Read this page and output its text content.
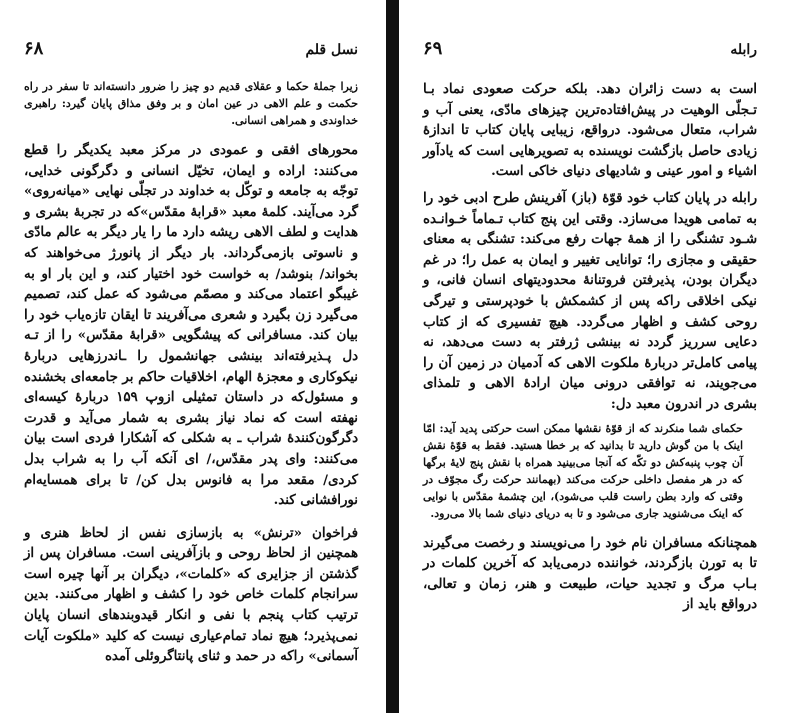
نسل قلم
۶۸

زیرا جملهٔ حکما و عقلای قدیم دو چیز را ضرور دانسته‌اند تا سفر در راه حکمت و علم الاهی در عین امان و بر وفق مذاق پایان گیرد: راهبری خداوندی و همراهی انسانی.

محورهای افقی و عمودی در مرکز معبد یکدیگر را قطع می‌کنند: اراده و ایمان، تخیّل انسانی و دگرگونی خدایی، توجّه به جامعه و توکّل به خداوند در تجلّی نهایی «میانه‌روی» گرد می‌آیند. کلمهٔ معبد «قرابهٔ مقدّس»که در تجربهٔ بشری و هدایت و لطف الاهی ریشه دارد ما را یار دیگر به عالم مادّی و ناسوتی بازمی‌گرداند. بار دیگر از پانورژ می‌خواهند که بخواند/ بنوشد/ به خواست خود اختیار کند، و این بار او به غیبگو اعتماد می‌کند و مصمّم می‌شود که عمل کند، تصمیم می‌گیرد زن بگیرد و شعری می‌آفریند تا ایقان تازه‌یاب خود را بیان کند. مسافرانی که پیشگویی «قرابهٔ مقدّس» را از تـه دل پـذیرفته‌اند بینشی جهانشمول را ـاندرزهایی دربارهٔ نیکوکاری و معجزهٔ الهام، اخلاقیات حاکم بر جامعه‌ای بخشنده و مسئول‌که در داستان تمثیلی ازوپ ۱۵۹ دربارهٔ کیسه‌ای نهفته است که نماد نیاز بشری به شمار می‌آید و قدرت دگرگون‌کنندهٔ شراب ـ به شکلی که آشکارا فردی است بیان می‌کنند: وای پدر مقدّس،/ ای آنکه آب را به شراب بدل کردی/ مقعد مرا به فانوس بدل کن/ تا برای همسایه‌ام نورافشانی کند.

فراخوان «ترنش» به بازسازی نفس از لحاظ هنری و همچنین از لحاظ روحی و بازآفرینی است. مسافران پس از گذشتن از جزایری که «کلمات»، دیگران بر آنها چیره است سرانجام کلمات خاص خود را کشف و اظهار می‌کنند. بدین ترتیب کتاب پنجم با نفی و انکار قیدوبندهای انسان پایان نمی‌پذیرد؛ هیچ نماد تمام‌عیاری نیست که کلید «ملکوت آیات آسمانی» راکه در حمد و ثنای پانتاگروئلی آمده

رابله
۶۹

است به دست زائران دهد. بلکه حرکت صعودی نماد بـا تـجلّی الوهیت در پیش‌افتاده‌ترین چیزهای مادّی، یعنی آب و شراب، متعال می‌شود. درواقع، زیبایی پایان کتاب تا اندازهٔ زیادی حاصل بازگشت نویسنده به تصویرهایی است که یادآور اشیاء و امور عینی و شادیهای دنیای خاکی است.

رابله در پایان کتاب خود قوّهٔ (باز) آفرینش طرح ادبی خود را به تمامی هویدا می‌سازد. وقتی این پنج کتاب تـماماً خـوانـده شـود تشنگی را از همهٔ جهات رفع می‌کند: تشنگی به معنای حقیقی و مجازی را؛ توانایی تغییر و ایمان به عمل را؛ در غم دیگران بودن، پذیرفتن فروتنانهٔ محدودیتهای انسان فانی، و نیکی اخلاقی راکه پس از کشمکش با خودپرستی و تیرگی روحی کشف و اظهار می‌گردد. هیچ تفسیری که از کتاب دعایی سرریز گردد نه بینشی ژرفتر به دست می‌دهد، نه پیامی کامل‌تر دربارهٔ ملکوت الاهی که آدمیان در زمین آن را می‌جویند، نه توافقی درونی میان ارادهٔ الاهی و تلمذای بشری در اندرون معبد دل:

حکمای شما منکرند که از قوّهٔ نقشها ممکن است حرکتی پدید آید: امّا اینک با من گوش دارید تا بدانید که بر خطا هستید. فقط به قوّهٔ نقش آن چوب پنبه‌کش دو تکّه که آنجا می‌بینید همراه با نقش پنج لایهٔ برگها که در هر مفصل داخلی حرکت می‌کند (بهمانند حرکت رگ مجوّف در وقتی که وارد بطن راست قلب می‌شود)، این چشمهٔ مقدّس با نوایی که اینک می‌شنوید جاری می‌شود و تا به دریای دنیای شما بالا می‌رود.

همچنانکه مسافران نام خود را می‌نویسند و رخصت می‌گیرند تا به تورن بازگردند، خواننده درمی‌یابد که آخرین کلمات در بـاب مرگ و تجدید حیات، طبیعت و هنر، زمان و تعالی، درواقع باید از
